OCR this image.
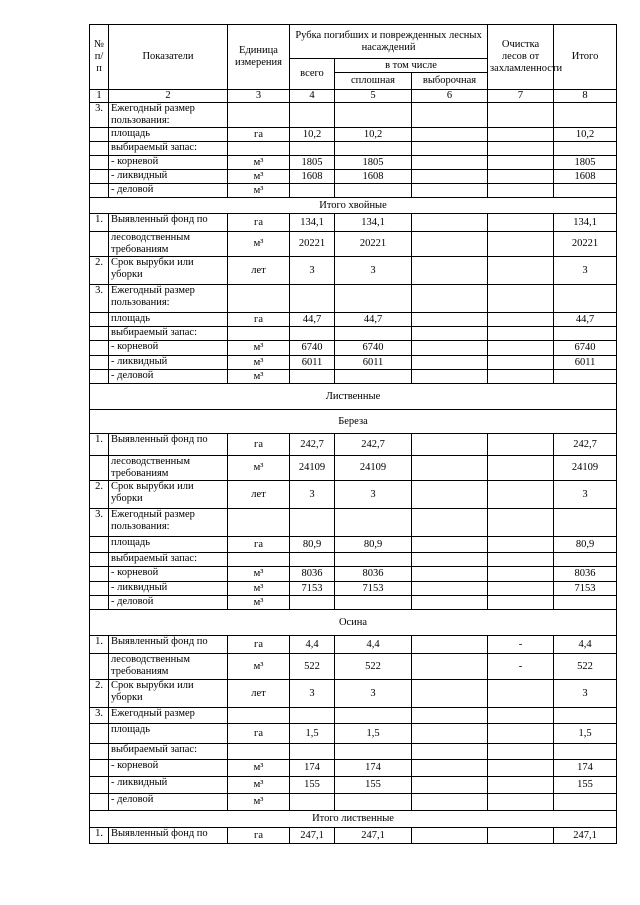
№ п/ п	Показатели	Единица измерения	Рубка погибших и поврежденных лесных насаждений			Очистка лесов от захламленности	Итого
			всего	в том числе			
				сплошная	выборочная		
1	2	3	4	5	6	7	8
3.	Ежегодный размер пользования:						
	площадь	га	10,2	10,2			10,2
	выбираемый запас:						
	- корневой	м³	1805	1805			1805
	- ликвидный	м³	1608	1608			1608
	- деловой	м³					
Итого хвойные							
1.	Выявленный фонд по	га	134,1	134,1			134,1
	лесоводственным требованиям	м³	20221	20221			20221
2.	Срок вырубки или уборки	лет	3	3			3
3.	Ежегодный размер пользования:						
	площадь	га	44,7	44,7			44,7
	выбираемый запас:						
	- корневой	м³	6740	6740			6740
	- ликвидный	м³	6011	6011			6011
	- деловой	м³					
Лиственные							
Береза							
1.	Выявленный фонд по	га	242,7	242,7			242,7
	лесоводственным требованиям	м³	24109	24109			24109
2.	Срок вырубки или уборки	лет	3	3			3
3.	Ежегодный размер пользования:						
	площадь	га	80,9	80,9			80,9
	выбираемый запас:						
	- корневой	м³	8036	8036			8036
	- ликвидный	м³	7153	7153			7153
	- деловой	м³					
Осина							
1.	Выявленный фонд по	га	4,4	4,4		-	4,4
	лесоводственным требованиям	м³	522	522		-	522
2.	Срок вырубки или уборки	лет	3	3			3
3.	Ежегодный размер						
	площадь	га	1,5	1,5			1,5
	выбираемый запас:						
	- корневой	м³	174	174			174
	- ликвидный	м³	155	155			155
	- деловой	м³					
Итого лиственные							
1.	Выявленный фонд по	га	247,1	247,1			247,1
